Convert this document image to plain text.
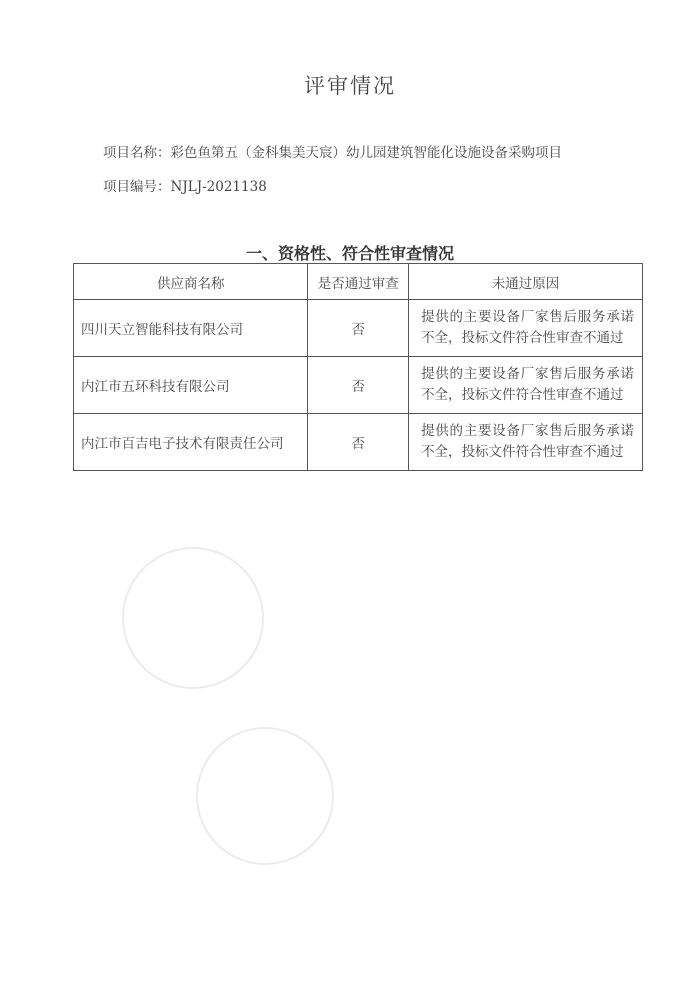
评审情况
项目名称：彩色鱼第五（金科集美天宸）幼儿园建筑智能化设施设备采购项目
项目编号：NJLJ-2021138
一、资格性、符合性审查情况
供应商名称	是否通过审查	未通过原因
四川天立智能科技有限公司	否	提供的主要设备厂家售后服务承诺不全，投标文件符合性审查不通过
内江市五环科技有限公司	否	提供的主要设备厂家售后服务承诺不全，投标文件符合性审查不通过
内江市百吉电子技术有限责任公司	否	提供的主要设备厂家售后服务承诺不全，投标文件符合性审查不通过
